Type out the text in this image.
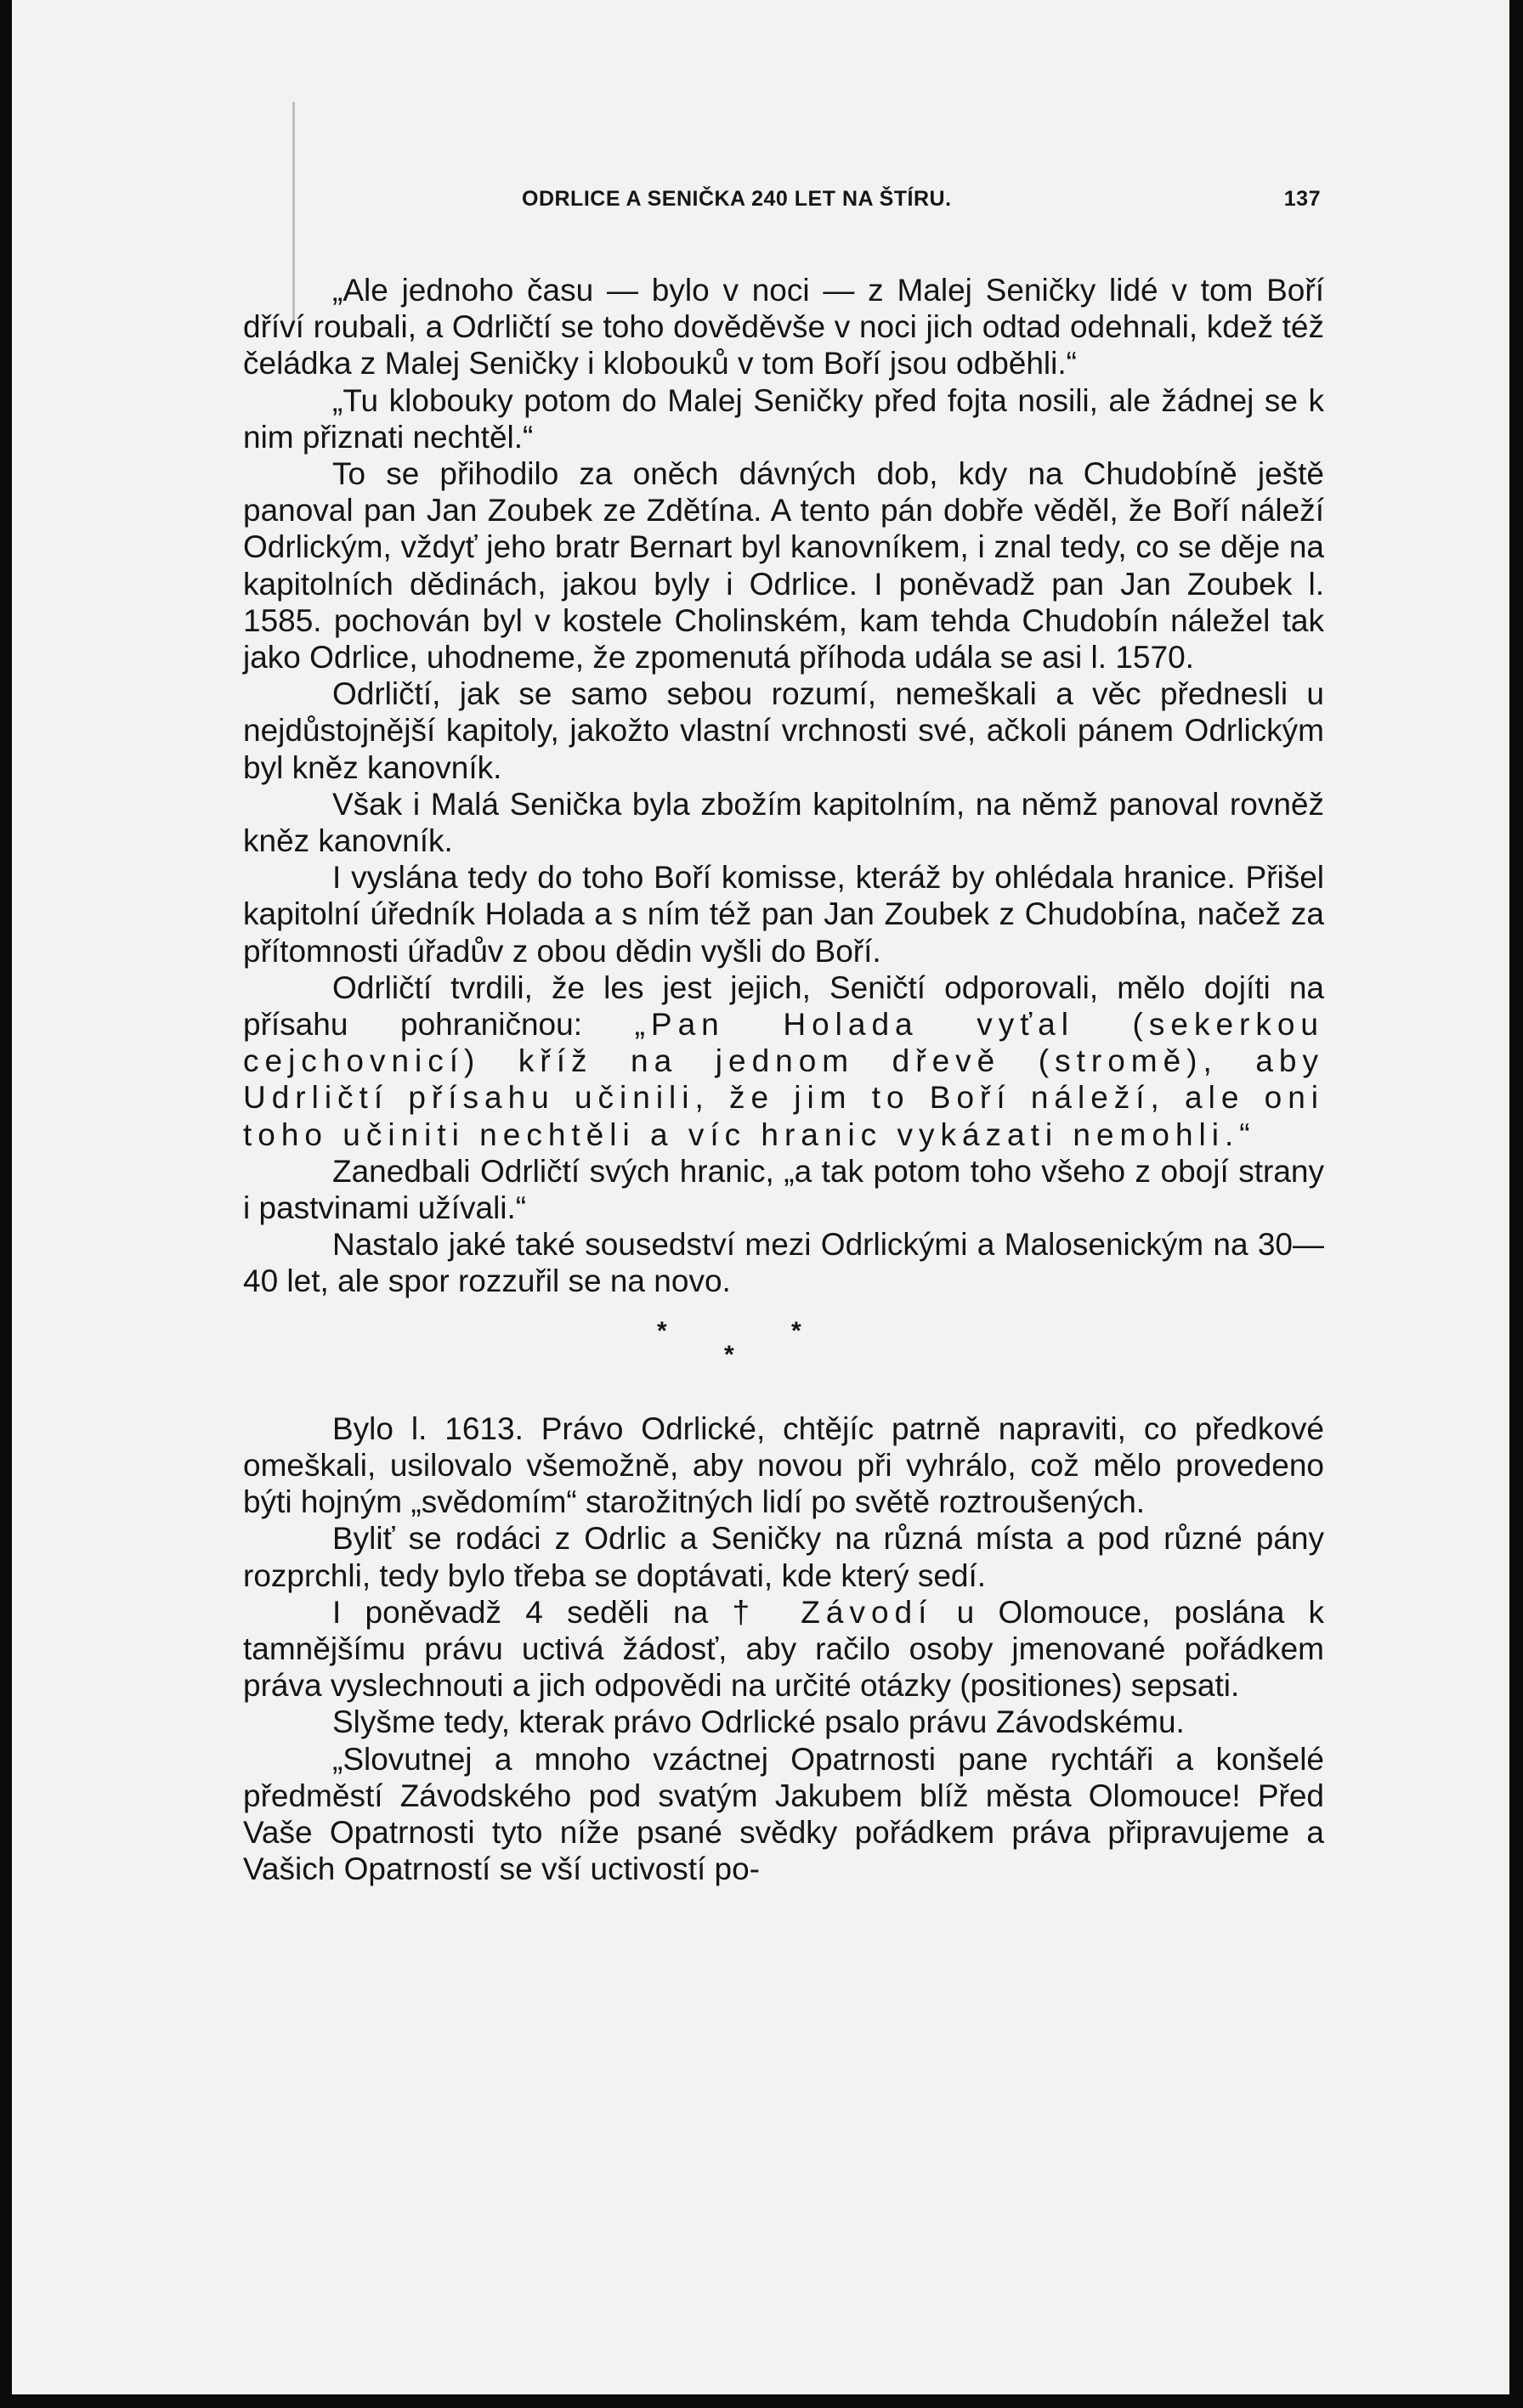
ODRLICE A SENIČKA 240 LET NA ŠTÍRU.	137

„Ale jednoho času — bylo v noci — z Malej Seničky lidé v tom Boří dříví roubali, a Odrličtí se toho dověděvše v noci jich odtad odehnali, kdež též čeládka z Malej Seničky i klobouků v tom Boří jsou odběhli.“

„Tu klobouky potom do Malej Seničky před fojta nosili, ale žádnej se k nim přiznati nechtěl.“

To se přihodilo za oněch dávných dob, kdy na Chudobíně ještě panoval pan Jan Zoubek ze Zdětína. A tento pán dobře věděl, že Boří náleží Odrlickým, vždyť jeho bratr Bernart byl kanovníkem, i znal tedy, co se děje na kapitolních dědinách, jakou byly i Odrlice. I poněvadž pan Jan Zoubek l. 1585. pochován byl v kostele Cholinském, kam tehda Chudobín náležel tak jako Odrlice, uhodneme, že zpomenutá příhoda udála se asi l. 1570.

Odrličtí, jak se samo sebou rozumí, nemeškali a věc přednesli u nejdůstojnější kapitoly, jakožto vlastní vrchnosti své, ačkoli pánem Odrlickým byl kněz kanovník.

Však i Malá Senička byla zbožím kapitolním, na němž panoval rovněž kněz kanovník.

I vyslána tedy do toho Boří komisse, kteráž by ohlédala hranice. Přišel kapitolní úředník Holada a s ním též pan Jan Zoubek z Chudobína, načež za přítomnosti úřadův z obou dědin vyšli do Boří.

Odrličtí tvrdili, že les jest jejich, Seničtí odporovali, mělo dojíti na přísahu pohraničnou: „Pan Holada vyťal (sekerkou cejchovnicí) kříž na jednom dřevě (stromě), aby Udrličtí přísahu učinili, že jim to Boří náleží, ale oni toho učiniti nechtěli a víc hranic vykázati nemohli.“

Zanedbali Odrličtí svých hranic, „a tak potom toho všeho z obojí strany i pastvinami užívali.“

Nastalo jaké také sousedství mezi Odrlickými a Malosenickým na 30—40 let, ale spor rozzuřil se na novo.

*	*
*

Bylo l. 1613. Právo Odrlické, chtějíc patrně napraviti, co předkové omeškali, usilovalo všemožně, aby novou při vyhrálo, což mělo provedeno býti hojným „svědomím“ starožitných lidí po světě roztroušených.

Byliť se rodáci z Odrlic a Seničky na různá místa a pod různé pány rozprchli, tedy bylo třeba se doptávati, kde který sedí.

I poněvadž 4 seděli na † Závodí u Olomouce, poslána k tamnějšímu právu uctivá žádosť, aby račilo osoby jmenované pořádkem práva vyslechnouti a jich odpovědi na určité otázky (positiones) sepsati.

Slyšme tedy, kterak právo Odrlické psalo právu Závodskému.

„Slovutnej a mnoho vzáctnej Opatrnosti pane rychtáři a konšelé předměstí Závodského pod svatým Jakubem blíž města Olomouce! Před Vaše Opatrnosti tyto níže psané svědky pořádkem práva připravujeme a Vašich Opatrností se vší uctivostí po-
